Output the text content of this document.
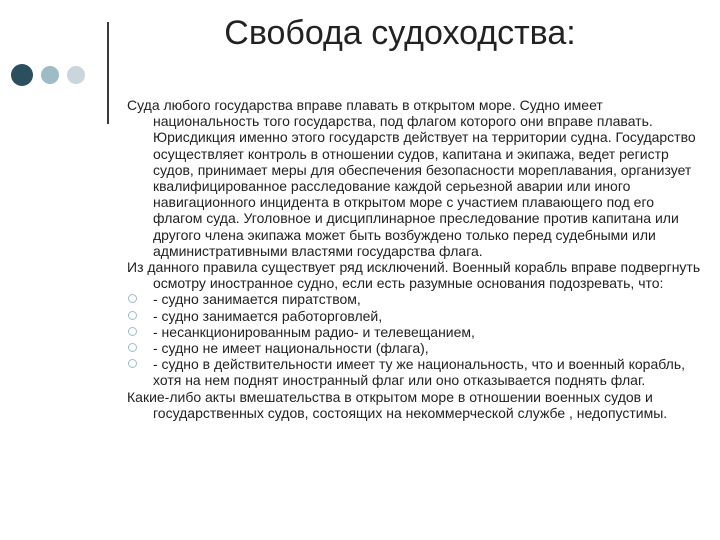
Свобода судоходства:

Суда любого государства вправе плавать в открытом море. Судно имеет национальность того государства, под флагом которого они вправе плавать. Юрисдикция именно этого государств действует на территории судна. Государство осуществляет контроль в отношении судов, капитана и экипажа, ведет регистр судов, принимает меры для обеспечения безопасности мореплавания, организует квалифицированное расследование каждой серьезной аварии или иного навигационного инцидента в открытом море с участием плавающего под его флагом суда. Уголовное и дисциплинарное преследование против капитана или другого члена экипажа может быть возбуждено только перед судебными или административными властями государства флага.

Из данного правила существует ряд исключений. Военный корабль вправе подвергнуть осмотру иностранное судно, если есть разумные основания подозревать, что:

- судно занимается пиратством,

- судно занимается работорговлей,

- несанкционированным радио- и телевещанием,

- судно не имеет национальности (флага),

- судно в действительности имеет ту же национальность, что и военный корабль, хотя на нем поднят иностранный флаг или оно отказывается поднять флаг.

Какие-либо акты вмешательства в открытом море в отношении военных судов и государственных судов, состоящих на некоммерческой службе , недопустимы.
